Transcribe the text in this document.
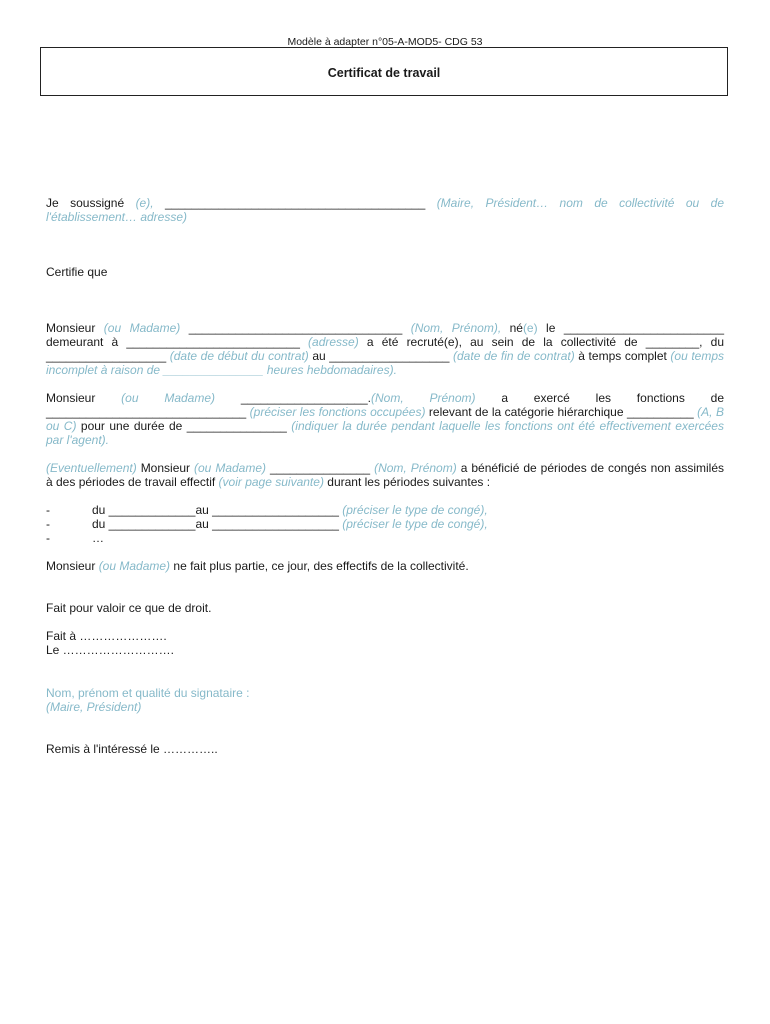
Modèle à adapter n°05-A-MOD5- CDG 53
Certificat de travail

Je soussigné (e), _______________________________________ (Maire, Président… nom de collectivité ou de l'établissement… adresse)

Certifie que

Monsieur (ou Madame) ________________________________ (Nom, Prénom), né(e) le ________________________ demeurant à __________________________ (adresse) a été recruté(e), au sein de la collectivité de ________, du __________________ (date de début du contrat) au __________________ (date de fin de contrat) à temps complet (ou temps incomplet à raison de _______________ heures hebdomadaires).

Monsieur (ou Madame) ___________________.(Nom, Prénom) a exercé les fonctions de ______________________________ (préciser les fonctions occupées) relevant de la catégorie hiérarchique __________ (A, B ou C) pour une durée de _______________ (indiquer la durée pendant laquelle les fonctions ont été effectivement exercées par l'agent).

(Eventuellement) Monsieur (ou Madame) _______________ (Nom, Prénom) a bénéficié de périodes de congés non assimilés à des périodes de travail effectif (voir page suivante) durant les périodes suivantes :

-	du _____________au ___________________ (préciser le type de congé),
-	du _____________au ___________________ (préciser le type de congé),
-	…

Monsieur (ou Madame) ne fait plus partie, ce jour, des effectifs de la collectivité.

Fait pour valoir ce que de droit.

Fait à ………………….

Le ……………………….

Nom, prénom et qualité du signataire :

(Maire, Président)

Remis à l'intéressé le …………..
